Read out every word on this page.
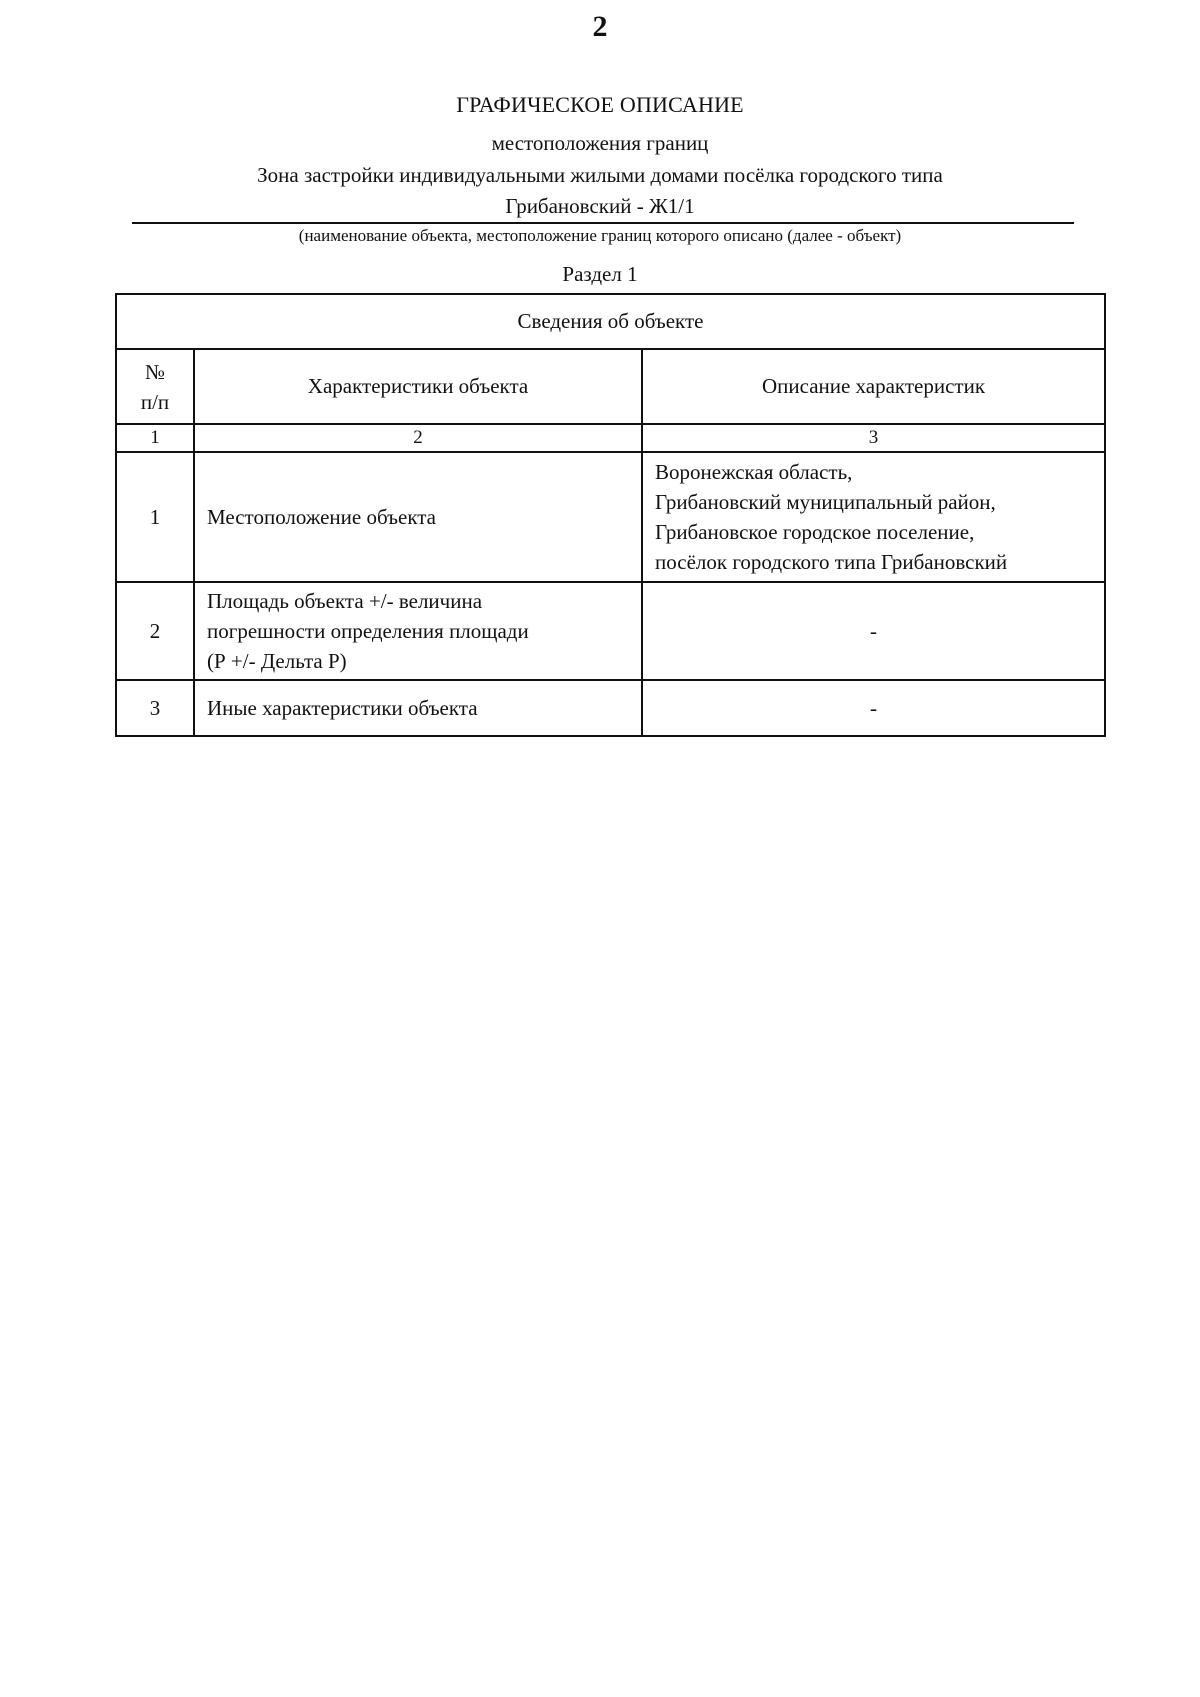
2
ГРАФИЧЕСКОЕ ОПИСАНИЕ
местоположения границ
Зона застройки индивидуальными жилыми домами посёлка городского типа
Грибановский - Ж1/1
(наименование объекта, местоположение границ которого описано (далее - объект)
Раздел 1
Сведения об объекте		

№
п/п	Характеристики объекта	Описание характеристик
1	2	3
1	Местоположение объекта	Воронежская область,
Грибановский муниципальный район,
Грибановское городское поселение,
посёлок городского типа Грибановский

2	Площадь объекта +/- величина
погрешности определения площади
(Р +/- Дельта Р)	-

3	Иные характеристики объекта	-
